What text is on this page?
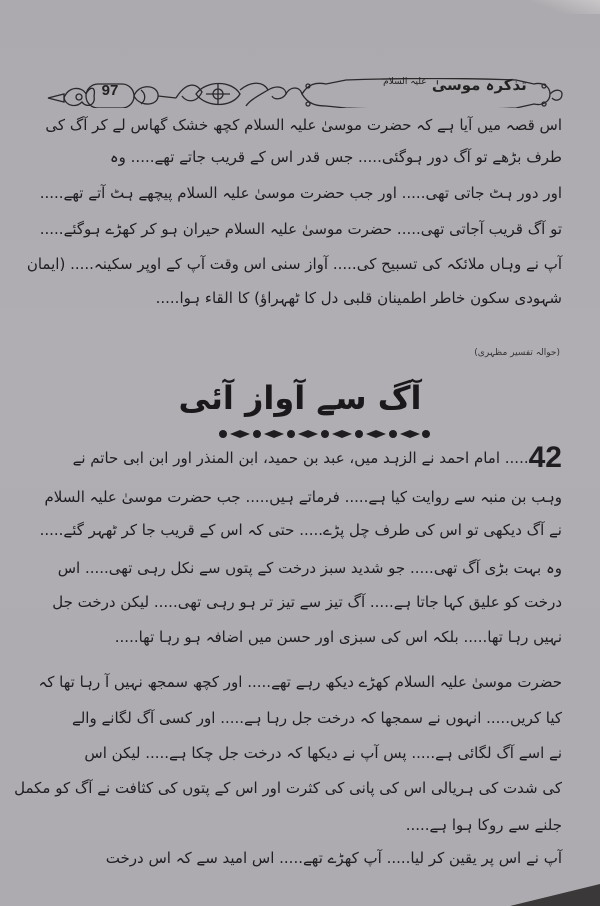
97	تذکرہ موسیٰ $^{علیہ السلام}$
اس قصہ میں آیا ہے کہ حضرت موسیٰ علیہ السلام کچھ خشک گھاس لے کر آگ کی
طرف بڑھے تو آگ دور ہوگئی..... جس قدر اس کے قریب جاتے تھے..... وہ
اور دور ہٹ جاتی تھی..... اور جب حضرت موسیٰ علیہ السلام پیچھے ہٹ آتے تھے.....
تو آگ قریب آجاتی تھی..... حضرت موسیٰ علیہ السلام حیران ہو کر کھڑے ہوگئے.....
آپ نے وہاں ملائکہ کی تسبیح کی..... آواز سنی اس وقت آپ کے اوپر سکینہ..... (ایمان
شہودی سکون خاطر اطمینان قلبی دل کا ٹھہراؤ) کا القاء ہوا.....
(حوالہ تفسیر مظہری)
آگ سے آواز آئی
42..... امام احمد نے الزہد میں، عبد بن حمید، ابن المنذر اور ابن ابی حاتم نے
وہب بن منبہ سے روایت کیا ہے..... فرماتے ہیں..... جب حضرت موسیٰ علیہ السلام
نے آگ دیکھی تو اس کی طرف چل پڑے..... حتی کہ اس کے قریب جا کر ٹھہر گئے.....
وہ بہت بڑی آگ تھی..... جو شدید سبز درخت کے پتوں سے نکل رہی تھی..... اس
درخت کو علیق کہا جاتا ہے..... آگ تیز سے تیز تر ہو رہی تھی..... لیکن درخت جل
نہیں رہا تھا..... بلکہ اس کی سبزی اور حسن میں اضافہ ہو رہا تھا.....
حضرت موسیٰ علیہ السلام کھڑے دیکھ رہے تھے..... اور کچھ سمجھ نہیں آ رہا تھا کہ
کیا کریں..... انہوں نے سمجھا کہ درخت جل رہا ہے..... اور کسی آگ لگانے والے
نے اسے آگ لگائی ہے..... پس آپ نے دیکھا کہ درخت جل چکا ہے..... لیکن اس
کی شدت کی ہریالی اس کی پانی کی کثرت اور اس کے پتوں کی کثافت نے آگ کو مکمل
جلنے سے روکا ہوا ہے.....
آپ نے اس پر یقین کر لیا..... آپ کھڑے تھے..... اس امید سے کہ اس درخت
